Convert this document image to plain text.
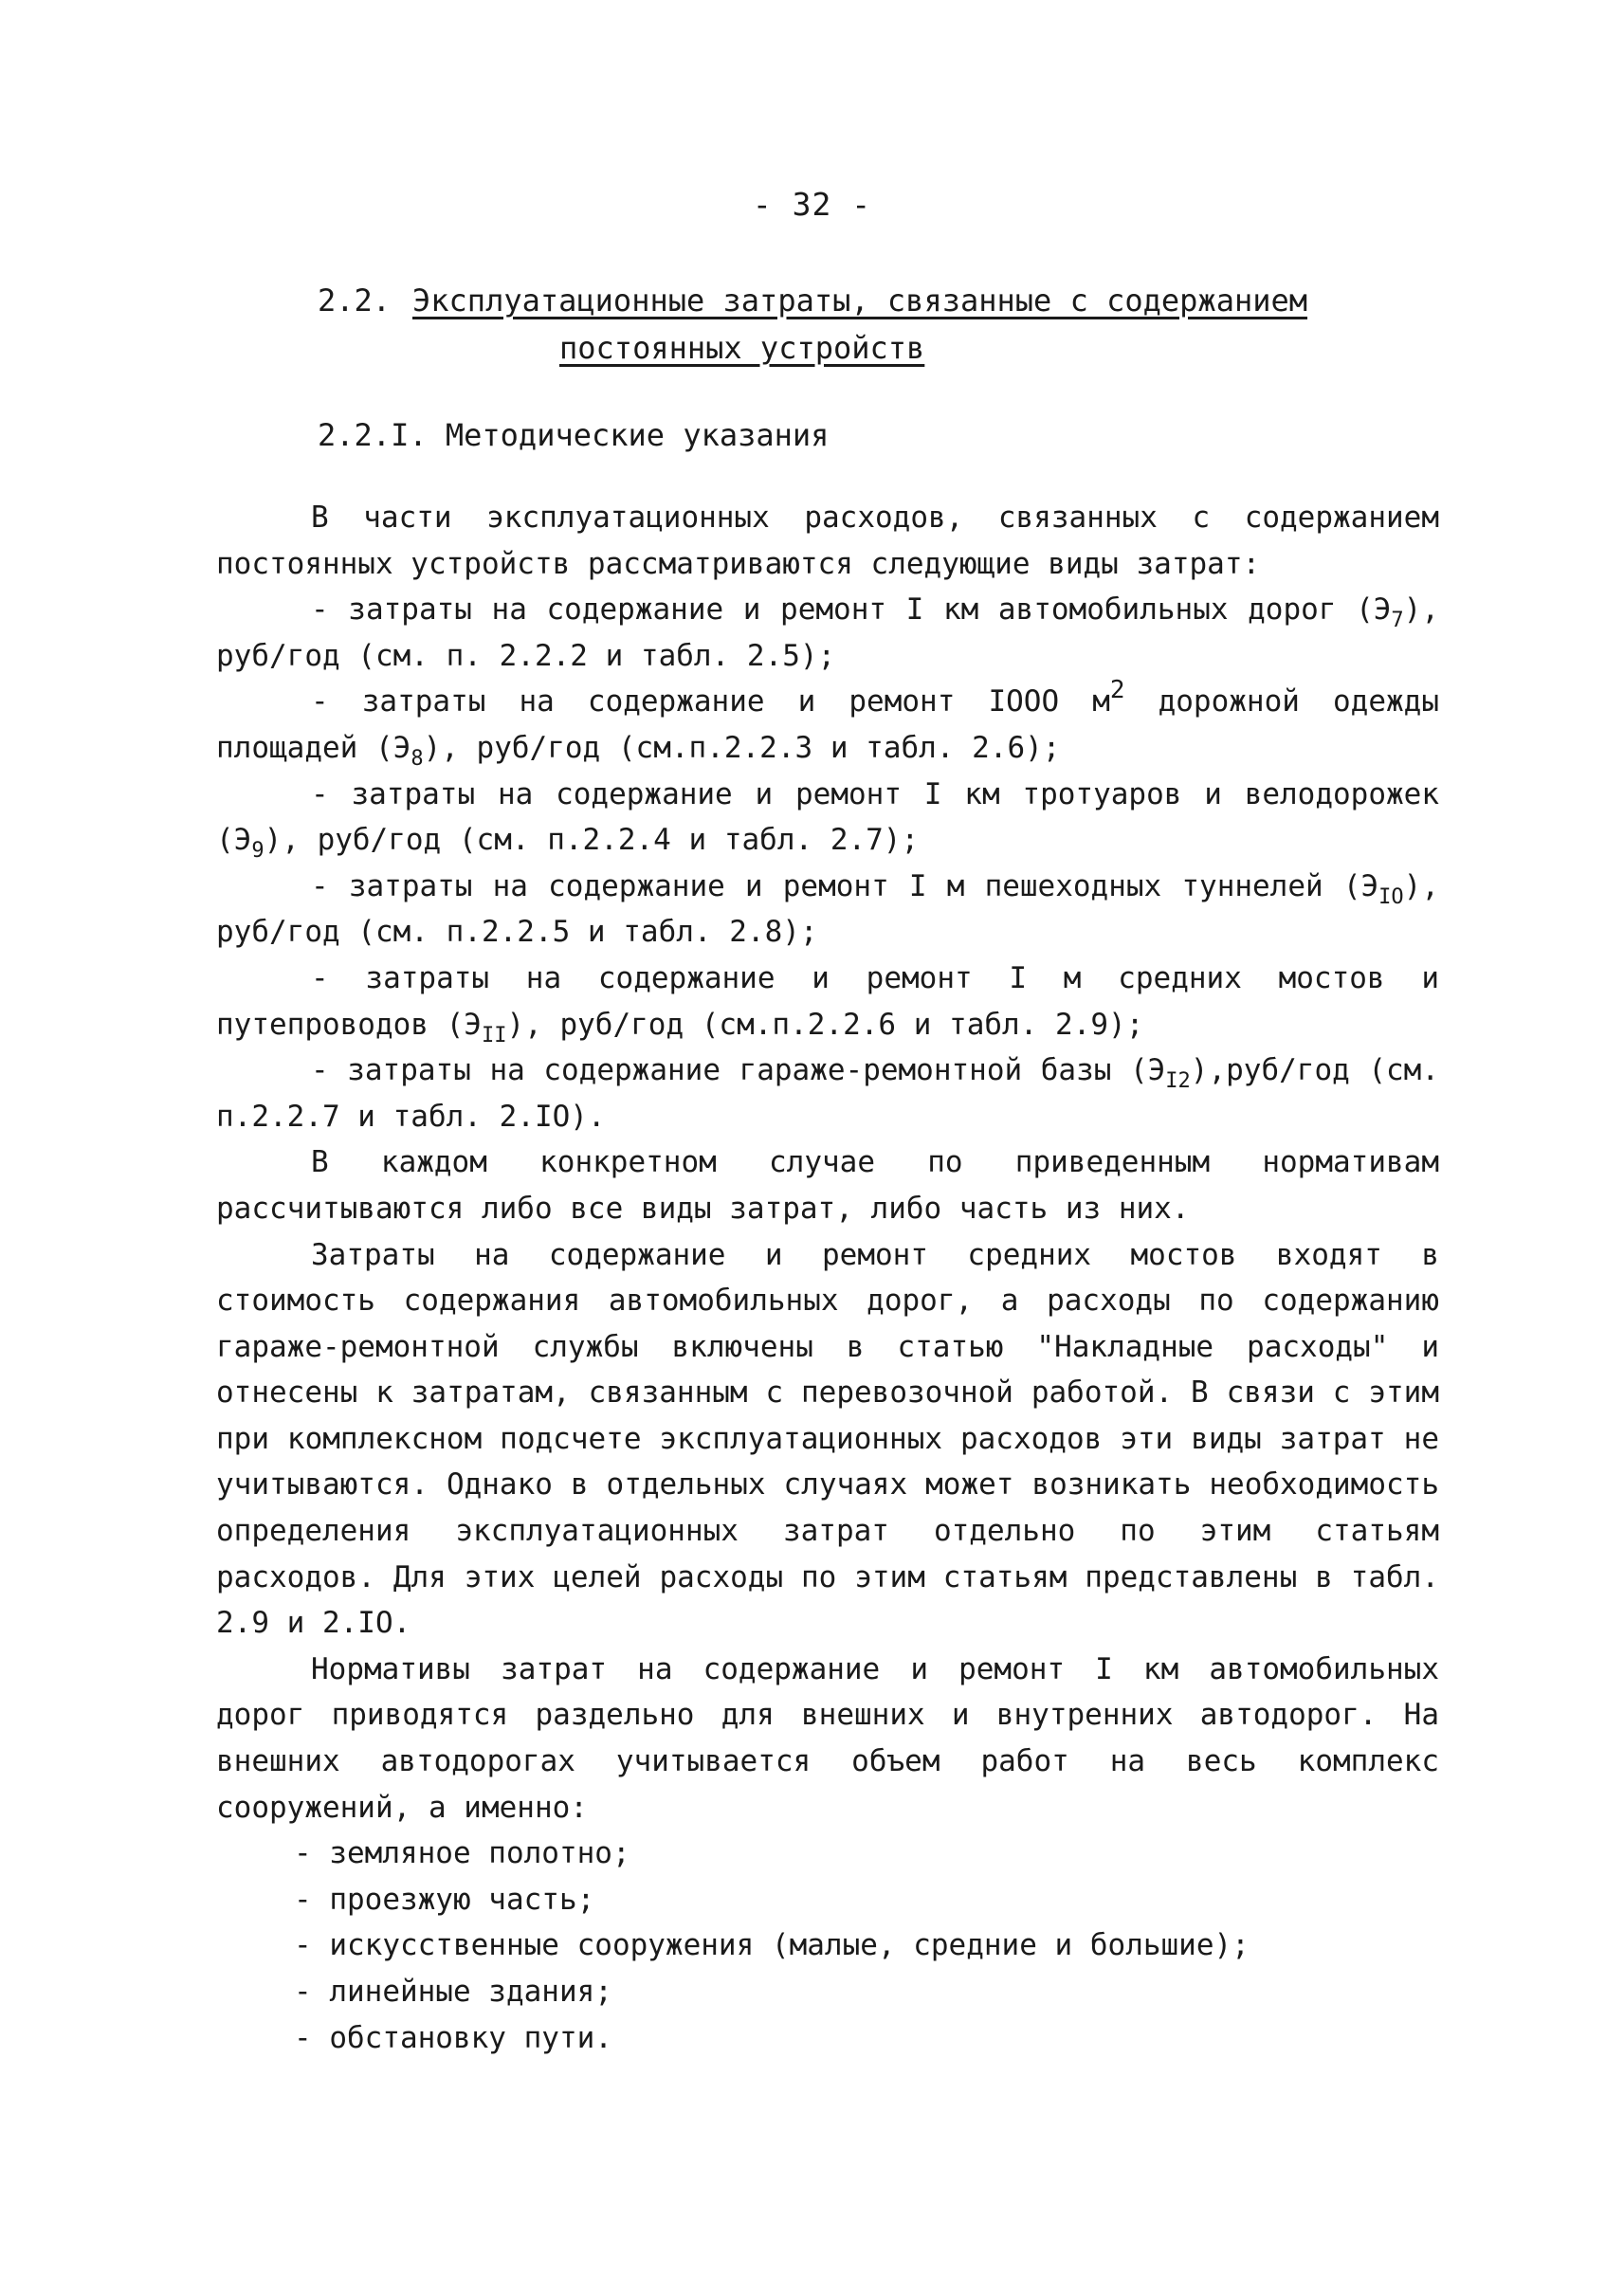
- 32 -
2.2. Эксплуатационные затраты, связанные с содержанием
постоянных устройств
2.2.I. Методические указания

В части эксплуатационных расходов, связанных с содержанием постоянных устройств рассматриваются следующие виды затрат:

- затраты на содержание и ремонт I км автомобильных дорог $(Э_7)$, руб/год (см. п. 2.2.2 и табл. 2.5);

- затраты на содержание и ремонт IOOO $м^2$ дорожной одежды площадей $(Э_8)$, руб/год (см.п.2.2.3 и табл. 2.6);

- затраты на содержание и ремонт I км тротуаров и велодорожек $(Э_9)$, руб/год (см. п.2.2.4 и табл. 2.7);

- затраты на содержание и ремонт I м пешеходных туннелей $(Э_{IO})$, руб/год (см. п.2.2.5 и табл. 2.8);

- затраты на содержание и ремонт I м средних мостов и путепроводов $(Э_{II})$, руб/год (см.п.2.2.6 и табл. 2.9);

- затраты на содержание гараже-ремонтной базы $(Э_{I2}),руб$/год (см. п.2.2.7 и табл. 2.IO).

В каждом конкретном случае по приведенным нормативам рассчитываются либо все виды затрат, либо часть из них.

Затраты на содержание и ремонт средних мостов входят в стоимость содержания автомобильных дорог, а расходы по содержанию гараже-ремонтной службы включены в статью "Накладные расходы" и отнесены к затратам, связанным с перевозочной работой. В связи с этим при комплексном подсчете эксплуатационных расходов эти виды затрат не учитываются. Однако в отдельных случаях может возникать необходимость определения эксплуатационных затрат отдельно по этим статьям расходов. Для этих целей расходы по этим статьям представлены в табл. 2.9 и 2.IO.

Нормативы затрат на содержание и ремонт I км автомобильных дорог приводятся раздельно для внешних и внутренних автодорог. На внешних автодорогах учитывается объем работ на весь комплекс сооружений, а именно:

- земляное полотно;

- проезжую часть;

- искусственные сооружения (малые, средние и большие);

- линейные здания;

- обстановку пути.
